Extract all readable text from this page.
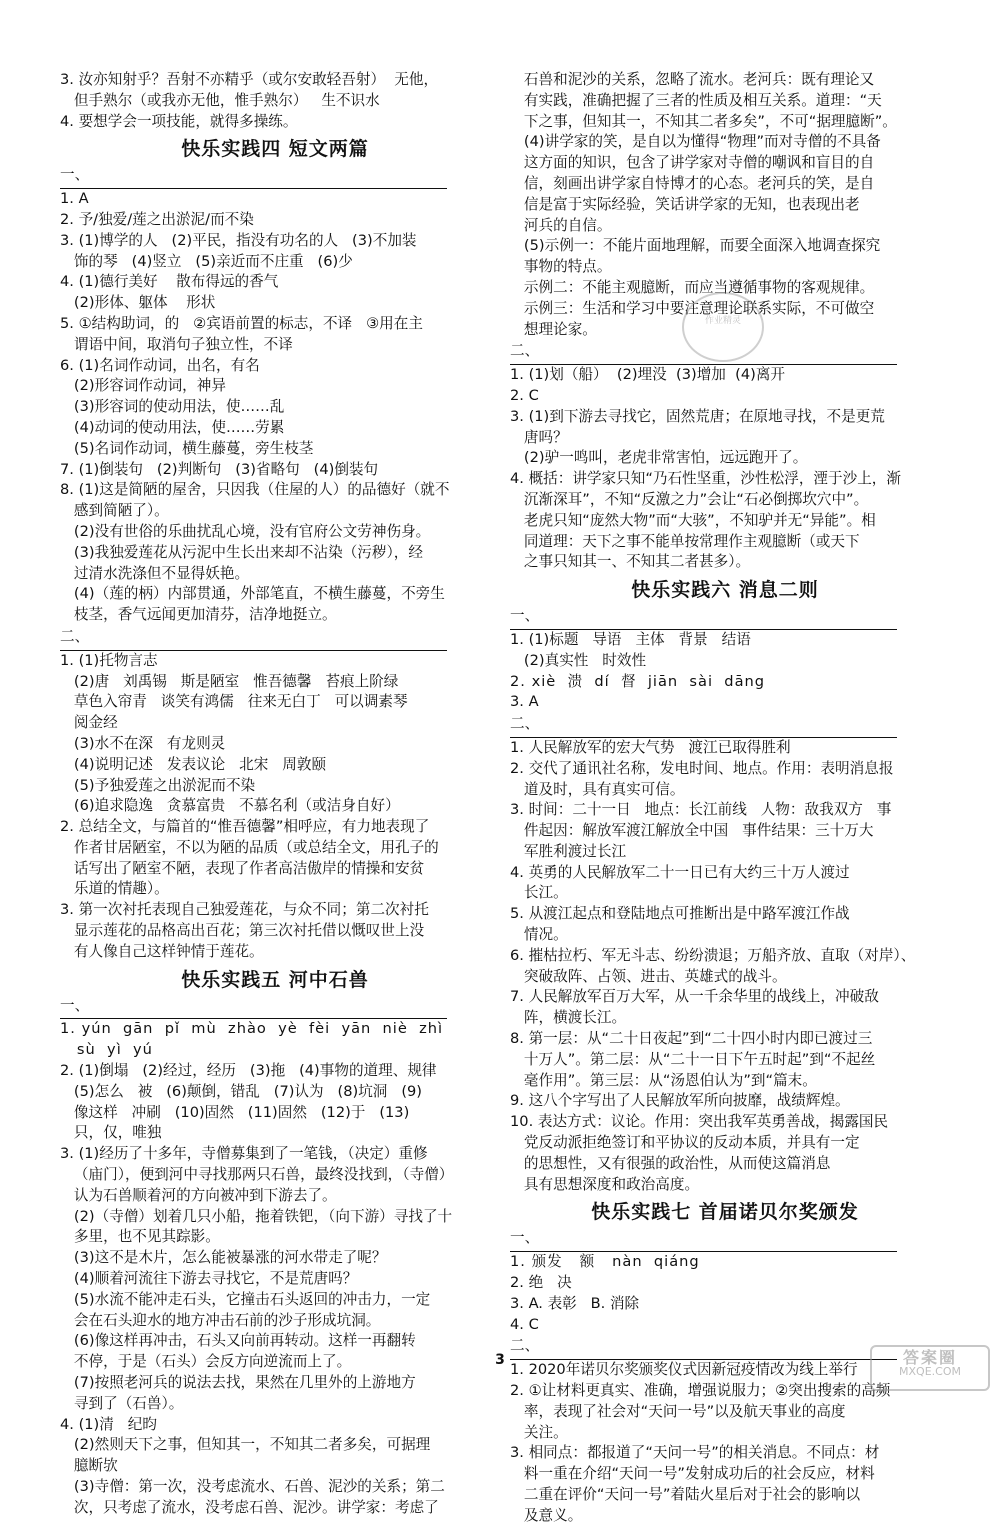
3. 汝亦知射乎？吾射不亦精乎（或尔安敢轻吾射）  无他，
但手熟尔（或我亦无他，惟手熟尔）   生不识水
4. 要想学会一项技能，就得多操练。
快乐实践四 短文两篇
一、
1. A
2. 予/独爱/莲之出淤泥/而不染
3. (1)博学的人   (2)平民，指没有功名的人   (3)不加装
饰的琴   (4)竖立   (5)亲近而不庄重   (6)少
4. (1)德行美好    散布得远的香气
(2)形体、躯体    形状
5. ①结构助词，的   ②宾语前置的标志，不译   ③用在主
谓语中间，取消句子独立性，不译
6. (1)名词作动词，出名，有名
(2)形容词作动词，神异
(3)形容词的使动用法，使……乱
(4)动词的使动用法，使……劳累
(5)名词作动词，横生藤蔓，旁生枝茎
7. (1)倒装句   (2)判断句   (3)省略句   (4)倒装句
8. (1)这是简陋的屋舍，只因我（住屋的人）的品德好（就不
感到简陋了）。
(2)没有世俗的乐曲扰乱心境，没有官府公文劳神伤身。
(3)我独爱莲花从污泥中生长出来却不沾染（污秽），经
过清水洗涤但不显得妖艳。
(4)（莲的柄）内部贯通，外部笔直，不横生藤蔓，不旁生
枝茎，香气远闻更加清芬，洁净地挺立。
二、
1. (1)托物言志
(2)唐   刘禹锡   斯是陋室   惟吾德馨   苔痕上阶绿
草色入帘青   谈笑有鸿儒   往来无白丁   可以调素琴
阅金经
(3)水不在深   有龙则灵
(4)说明记述   发表议论   北宋   周敦颐
(5)予独爱莲之出淤泥而不染
(6)追求隐逸   贪慕富贵   不慕名利（或洁身自好）
2. 总结全文，与篇首的“惟吾德馨”相呼应，有力地表现了
作者甘居陋室，不以为陋的品质（或总结全文，用孔子的
话写出了陋室不陋，表现了作者高洁傲岸的情操和安贫
乐道的情趣）。
3. 第一次衬托表现自己独爱莲花，与众不同；第二次衬托
显示莲花的品格高出百花；第三次衬托借以慨叹世上没
有人像自己这样钟情于莲花。
快乐实践五 河中石兽
一、
1. yún  gān  pǐ  mù  zhào  yè  fèi  yān  niè  zhì
sù  yì  yú
2. (1)倒塌   (2)经过，经历   (3)拖   (4)事物的道理、规律
(5)怎么   被   (6)颠倒，错乱   (7)认为   (8)坑洞   (9)
像这样   冲刷   (10)固然   (11)固然   (12)于   (13)
只，仅，唯独
3. (1)经历了十多年，寺僧募集到了一笔钱，（决定）重修
（庙门），便到河中寻找那两只石兽，最终没找到，（寺僧）
认为石兽顺着河的方向被冲到下游去了。
(2)（寺僧）划着几只小船，拖着铁钯，（向下游）寻找了十
多里，也不见其踪影。
(3)这不是木片，怎么能被暴涨的河水带走了呢？
(4)顺着河流往下游去寻找它，不是荒唐吗？
(5)水流不能冲走石头，它撞击石头返回的冲击力，一定
会在石头迎水的地方冲击石前的沙子形成坑洞。
(6)像这样再冲击，石头又向前再转动。这样一再翻转
不停，于是（石头）会反方向逆流而上了。
(7)按照老河兵的说法去找，果然在几里外的上游地方
寻到了（石兽）。
4. (1)清   纪昀
(2)然则天下之事，但知其一，不知其二者多矣，可据理
臆断欤
(3)寺僧：第一次，没考虑流水、石兽、泥沙的关系；第二
次，只考虑了流水，没考虑石兽、泥沙。讲学家：考虑了
石兽和泥沙的关系，忽略了流水。老河兵：既有理论又
有实践，准确把握了三者的性质及相互关系。道理：“天
下之事，但知其一，不知其二者多矣”，不可“据理臆断”。
(4)讲学家的笑，是自以为懂得“物理”而对寺僧的不具备
这方面的知识，包含了讲学家对寺僧的嘲讽和盲目的自
信，刻画出讲学家自恃博才的心态。老河兵的笑，是自
信是富于实际经验，笑话讲学家的无知，也表现出老
河兵的自信。
(5)示例一：不能片面地理解，而要全面深入地调查探究
事物的特点。
示例二：不能主观臆断，而应当遵循事物的客观规律。
示例三：生活和学习中要注意理论联系实际，不可做空
想理论家。
二、
1. (1)划（船）  (2)埋没  (3)增加  (4)离开
2. C
3. (1)到下游去寻找它，固然荒唐；在原地寻找，不是更荒
唐吗？
(2)驴一鸣叫，老虎非常害怕，远远跑开了。
4. 概括：讲学家只知“乃石性坚重，沙性松浮，湮于沙上，渐
沉渐深耳”，不知“反激之力”会让“石必倒掷坎穴中”。
老虎只知“庞然大物”而“大骇”，不知驴并无“异能”。相
同道理：天下之事不能单按常理作主观臆断（或天下
之事只知其一、不知其二者甚多）。
快乐实践六 消息二则
一、
1. (1)标题   导语   主体   背景   结语
(2)真实性   时效性
2. xiè  溃  dí  督  jiān  sài  dāng
3. A
二、
1. 人民解放军的宏大气势   渡江已取得胜利
2. 交代了通讯社名称，发电时间、地点。作用：表明消息报
道及时，具有真实可信。
3. 时间：二十一日   地点：长江前线   人物：敌我双方   事
件起因：解放军渡江解放全中国   事件结果：三十万大
军胜利渡过长江
4. 英勇的人民解放军二十一日已有大约三十万人渡过
长江。
5. 从渡江起点和登陆地点可推断出是中路军渡江作战
情况。
6. 摧枯拉朽、军无斗志、纷纷溃退；万船齐放、直取（对岸）、
突破敌阵、占领、进击、英雄式的战斗。
7. 人民解放军百万大军，从一千余华里的战线上，冲破敌
阵，横渡长江。
8. 第一层：从“二十日夜起”到“二十四小时内即已渡过三
十万人”。第二层：从“二十一日下午五时起”到“不起丝
毫作用”。第三层：从“汤恩伯认为”到“篇末。
9. 这八个字写出了人民解放军所向披靡，战绩辉煌。
10. 表达方式：议论。作用：突出我军英勇善战，揭露国民
党反动派拒绝签订和平协议的反动本质，并具有一定
的思想性，又有很强的政治性，从而使这篇消息
具有思想深度和政治高度。
快乐实践七 首届诺贝尔奖颁发
一、
1. 颁发   额   nàn  qiáng
2. 绝   决
3. A. 表彰   B. 消除
4. C
二、
1. 2020年诺贝尔奖颁奖仪式因新冠疫情改为线上举行
2. ①让材料更真实、准确，增强说服力；②突出搜索的高频
率，表现了社会对“天问一号”以及航天事业的高度
关注。
3. 相同点：都报道了“天问一号”的相关消息。不同点：材
料一重在介绍“天问一号”发射成功后的社会反应，材料
二重在评价“天问一号”着陆火星后对于社会的影响以
及意义。
作业精灵
3	答案圈
MXQE.COM
